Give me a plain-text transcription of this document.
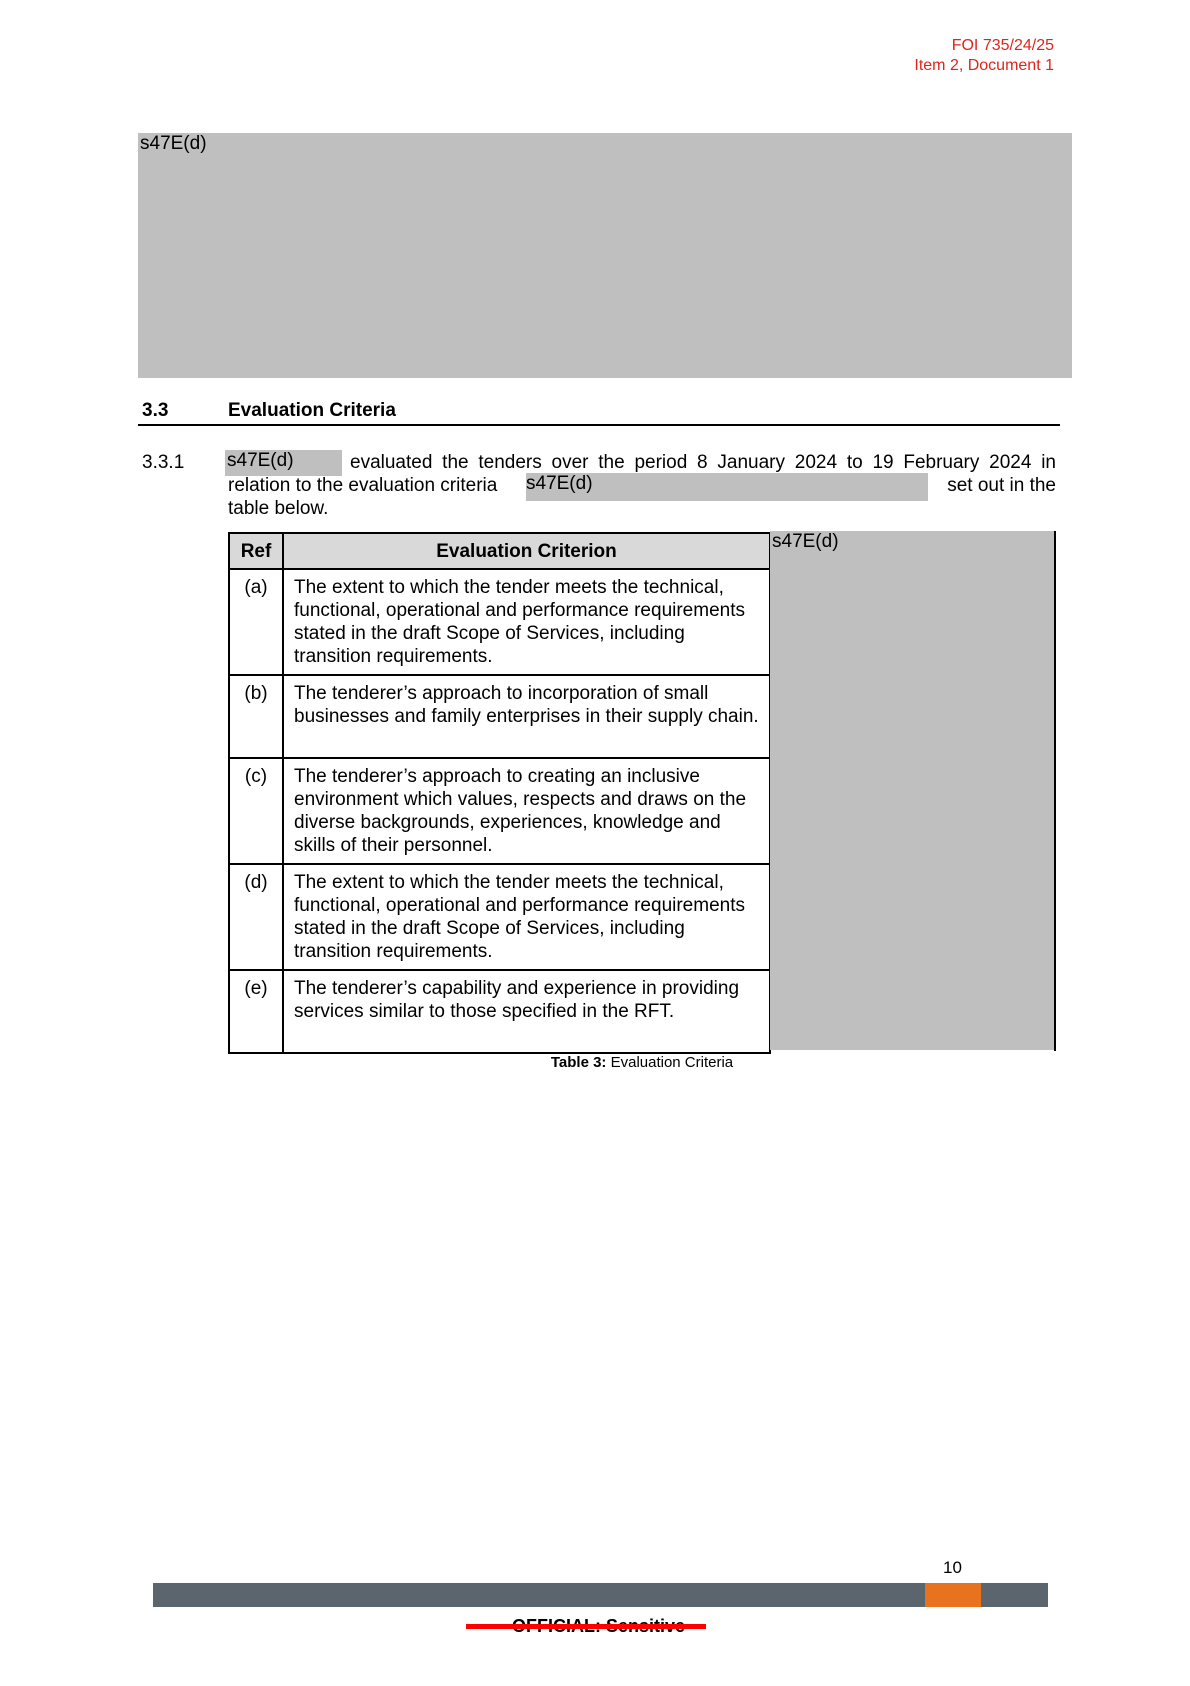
FOI 735/24/25
Item 2, Document 1
s47E(d)
3.3	Evaluation Criteria
3.3.1 s47E(d)	evaluated the tenders over the period 8 January 2024 to 19 February 2024 in
relation to the evaluation criteria s47E(d)	set out in the
table below.
Ref	Evaluation Criterion
(a)	The extent to which the tender meets the technical, functional, operational and performance requirements stated in the draft Scope of Services, including transition requirements.
(b)	The tenderer’s approach to incorporation of small businesses and family enterprises in their supply chain.
(c)	The tenderer’s approach to creating an inclusive environment which values, respects and draws on the diverse backgrounds, experiences, knowledge and skills of their personnel.
(d)	The extent to which the tender meets the technical, functional, operational and performance requirements stated in the draft Scope of Services, including transition requirements.
(e)	The tenderer’s capability and experience in providing services similar to those specified in the RFT.
s47E(d)
Table 3: Evaluation Criteria
10
